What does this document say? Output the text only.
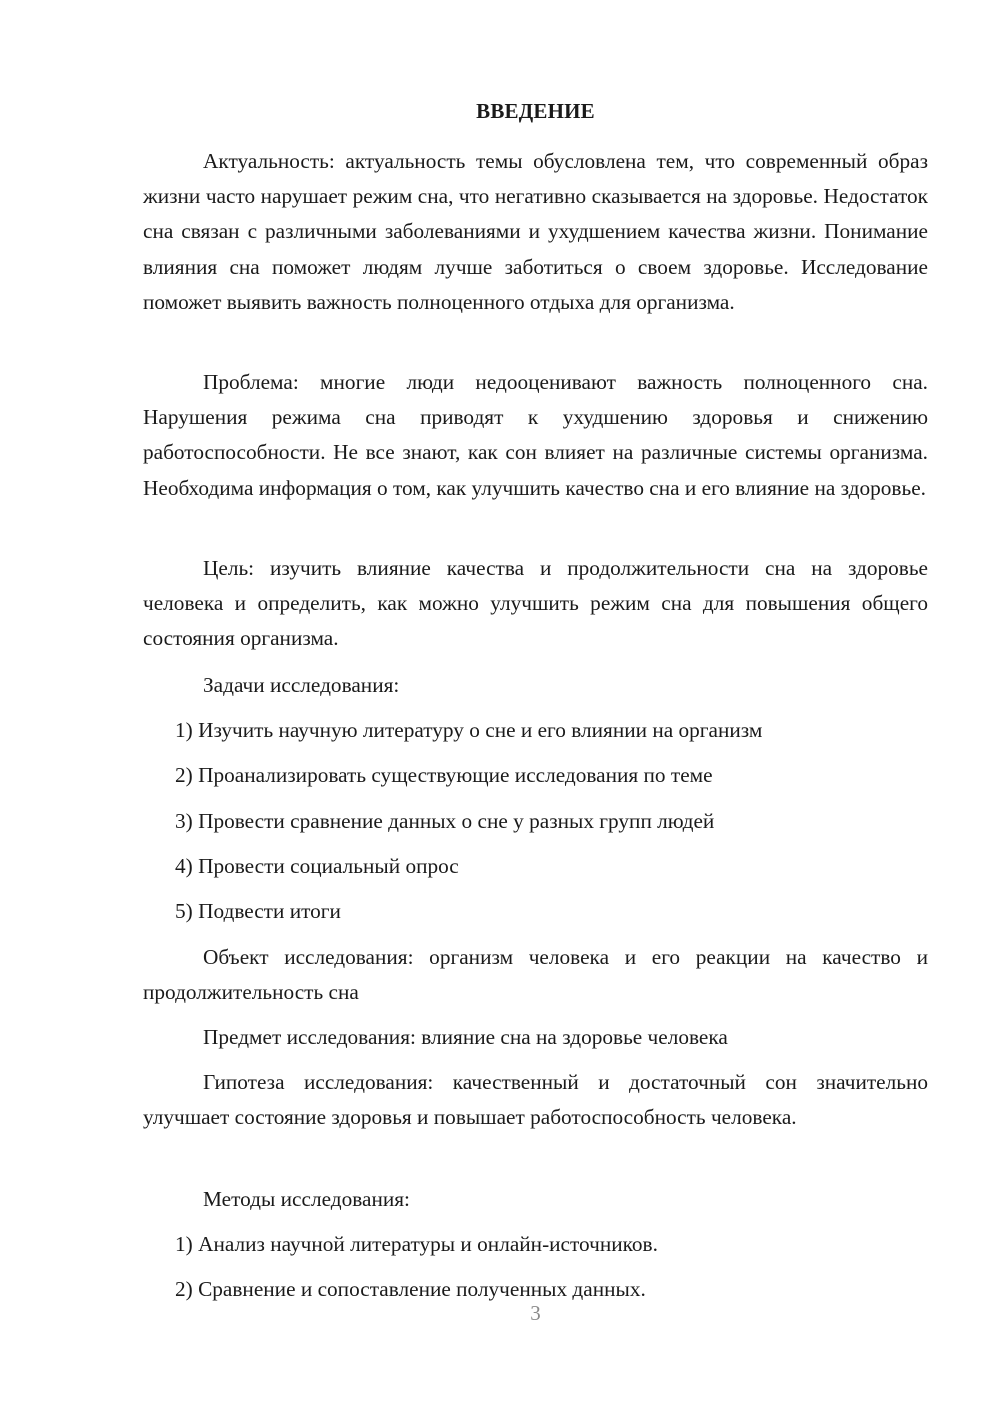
ВВЕДЕНИЕ

Актуальность: актуальность темы обусловлена тем, что современный образ жизни часто нарушает режим сна, что негативно сказывается на здоровье. Недостаток сна связан с различными заболеваниями и ухудшением качества жизни. Понимание влияния сна поможет людям лучше заботиться о своем здоровье. Исследование поможет выявить важность полноценного отдыха для организма.

Проблема: многие люди недооценивают важность полноценного сна. Нарушения режима сна приводят к ухудшению здоровья и снижению работоспособности. Не все знают, как сон влияет на различные системы организма. Необходима информация о том, как улучшить качество сна и его влияние на здоровье.

Цель: изучить влияние качества и продолжительности сна на здоровье человека и определить, как можно улучшить режим сна для повышения общего состояния организма.

Задачи исследования:

1) Изучить научную литературу о сне и его влиянии на организм

2) Проанализировать существующие исследования по теме

3) Провести сравнение данных о сне у разных групп людей

4) Провести социальный опрос

5) Подвести итоги

Объект исследования: организм человека и его реакции на качество и продолжительность сна

Предмет исследования: влияние сна на здоровье человека

Гипотеза исследования: качественный и достаточный сон значительно улучшает состояние здоровья и повышает работоспособность человека.

Методы исследования:

1) Анализ научной литературы и онлайн-источников.

2) Сравнение и сопоставление полученных данных.

3
